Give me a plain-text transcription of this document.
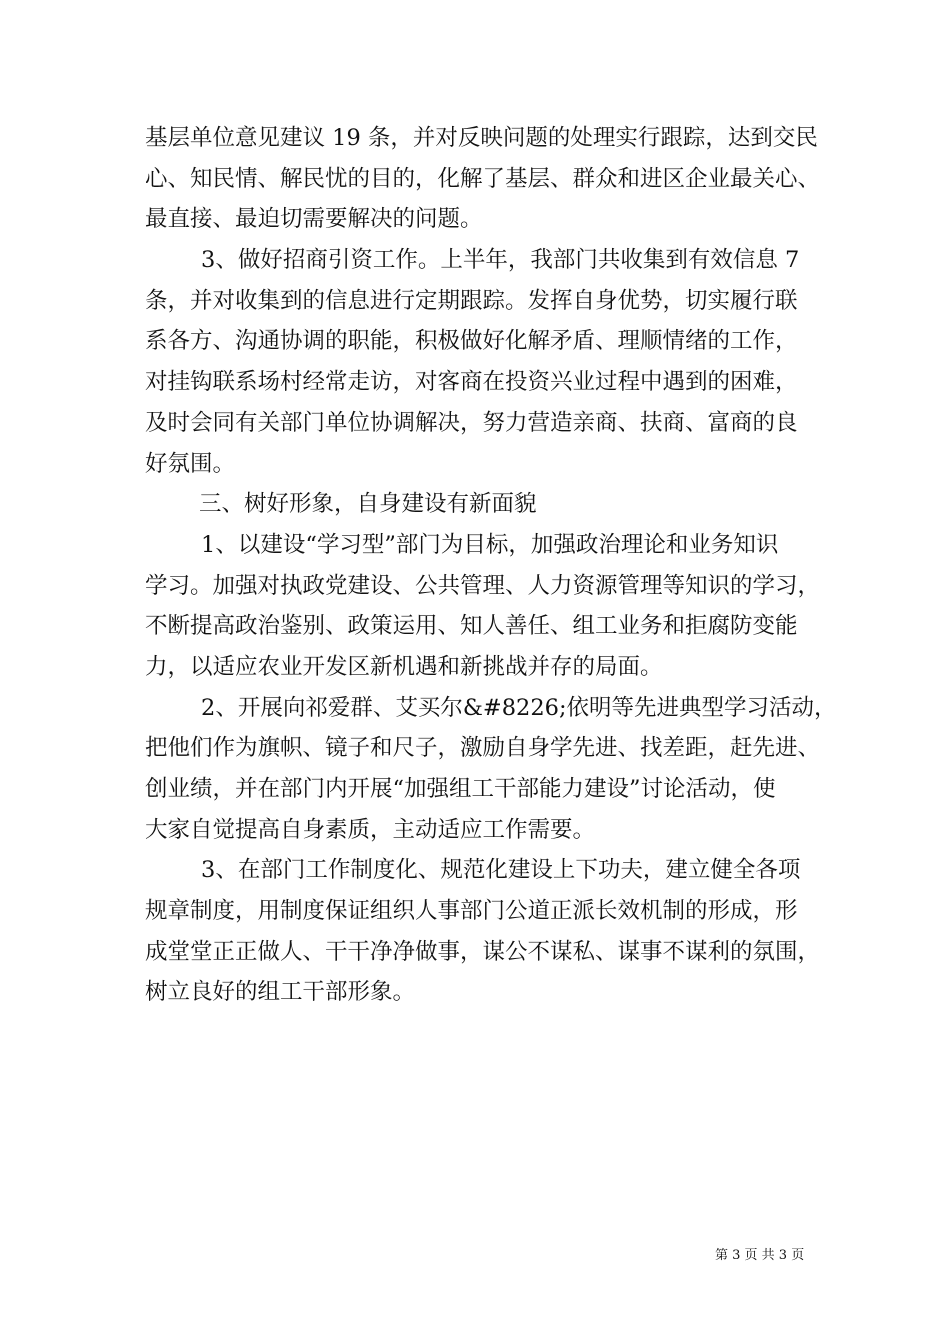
基层单位意见建议 19 条，并对反映问题的处理实行跟踪，达到交民
心、知民情、解民忧的目的，化解了基层、群众和进区企业最关心、
最直接、最迫切需要解决的问题。
3、做好招商引资工作。上半年，我部门共收集到有效信息 7
条，并对收集到的信息进行定期跟踪。发挥自身优势，切实履行联
系各方、沟通协调的职能，积极做好化解矛盾、理顺情绪的工作，
对挂钩联系场村经常走访，对客商在投资兴业过程中遇到的困难，
及时会同有关部门单位协调解决，努力营造亲商、扶商、富商的良
好氛围。
三、树好形象，自身建设有新面貌
1、以建设“学习型”部门为目标，加强政治理论和业务知识
学习。加强对执政党建设、公共管理、人力资源管理等知识的学习，
不断提高政治鉴别、政策运用、知人善任、组工业务和拒腐防变能
力，以适应农业开发区新机遇和新挑战并存的局面。
2、开展向祁爱群、艾买尔&#8226;依明等先进典型学习活动，
把他们作为旗帜、镜子和尺子，激励自身学先进、找差距，赶先进、
创业绩，并在部门内开展“加强组工干部能力建设”讨论活动，使
大家自觉提高自身素质，主动适应工作需要。
3、在部门工作制度化、规范化建设上下功夫，建立健全各项
规章制度，用制度保证组织人事部门公道正派长效机制的形成，形
成堂堂正正做人、干干净净做事，谋公不谋私、谋事不谋利的氛围，
树立良好的组工干部形象。
第 3 页 共 3 页
